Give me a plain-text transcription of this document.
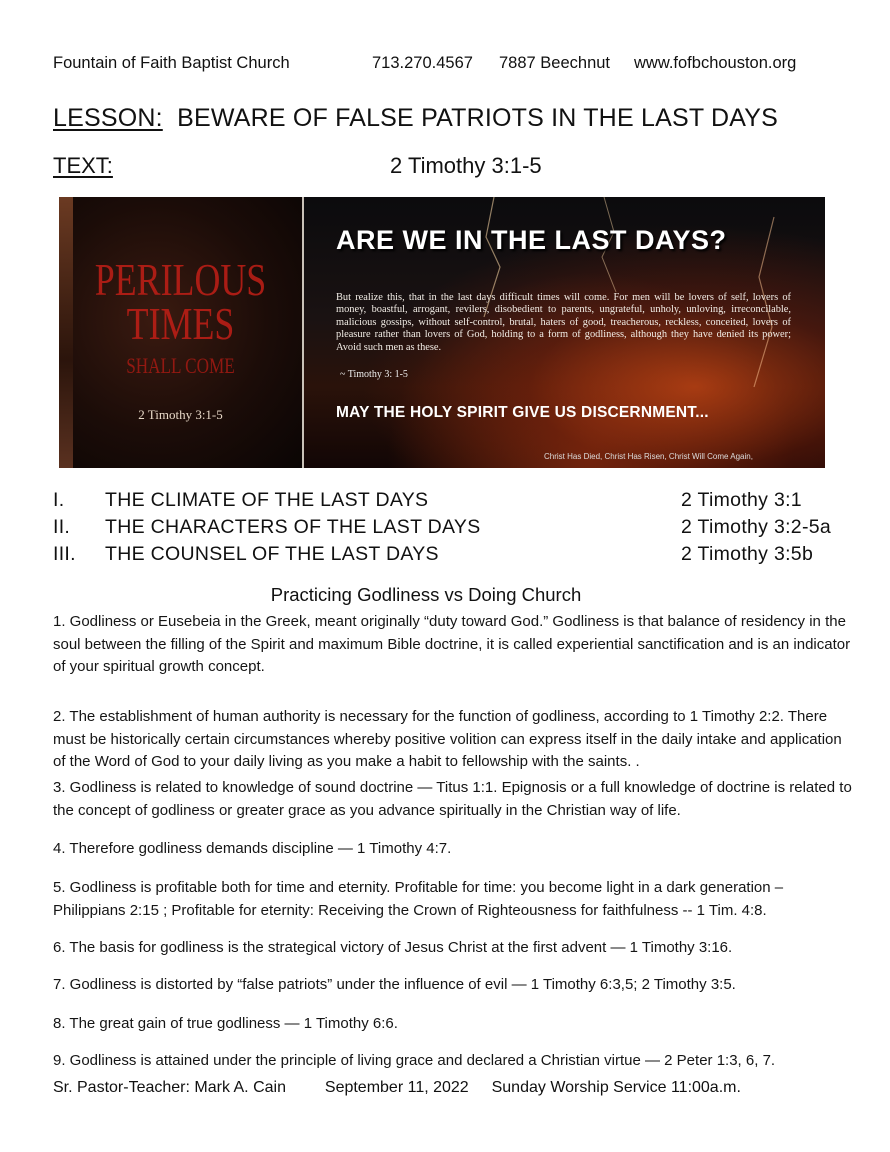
Fountain of Faith Baptist Church	713.270.4567 7887 Beechnut www.fofbchouston.org
LESSON: BEWARE OF FALSE PATRIOTS IN THE LAST DAYS
TEXT:	2 Timothy 3:1-5
PERILOUS
TIMES
SHALL COME
2 Timothy 3:1-5
ARE WE IN THE LAST DAYS?
But realize this, that in the last days difficult times will come. For men will be lovers of self, lovers of money, boastful, arrogant, revilers, disobedient to parents, ungrateful, unholy, unloving, irreconcilable, malicious gossips, without self-control, brutal, haters of good, treacherous, reckless, conceited, lovers of pleasure rather than lovers of God, holding to a form of godliness, although they have denied its power; Avoid such men as these.
~ Timothy 3: 1-5
MAY THE HOLY SPIRIT GIVE US DISCERNMENT...
Christ Has Died, Christ Has Risen, Christ Will Come Again,
I. THE CLIMATE OF THE LAST DAYS	2 Timothy 3:1
II. THE CHARACTERS OF THE LAST DAYS	2 Timothy 3:2-5a
III. THE COUNSEL OF THE LAST DAYS	2 Timothy 3:5b
Practicing Godliness vs Doing Church
1. Godliness or Eusebeia in the Greek, meant originally “duty toward God.” Godliness is that balance of residency in the soul between the filling of the Spirit and maximum Bible doctrine, it is called experiential sanctification and is an indicator of your spiritual growth concept.
2. The establishment of human authority is necessary for the function of godliness, according to 1 Timothy 2:2. There must be historically certain circumstances whereby positive volition can express itself in the daily intake and application of the Word of God to your daily living as you make a habit to fellowship with the saints. .
3. Godliness is related to knowledge of sound doctrine — Titus 1:1. Epignosis or a full knowledge of doctrine is related to the concept of godliness or greater grace as you advance spiritually in the Christian way of life.
4. Therefore godliness demands discipline — 1 Timothy 4:7.
5. Godliness is profitable both for time and eternity. Profitable for time: you become light in a dark generation – Philippians 2:15 ; Profitable for eternity: Receiving the Crown of Righteousness for faithfulness -- 1 Tim. 4:8.
6. The basis for godliness is the strategical victory of Jesus Christ at the first advent — 1 Timothy 3:16.
7. Godliness is distorted by “false patriots” under the influence of evil — 1 Timothy 6:3,5; 2 Timothy 3:5.
8. The great gain of true godliness — 1 Timothy 6:6.
9. Godliness is attained under the principle of living grace and declared a Christian virtue — 2 Peter 1:3, 6, 7.
Sr. Pastor-Teacher: Mark A. Cain September 11, 2022 Sunday Worship Service 11:00a.m.
